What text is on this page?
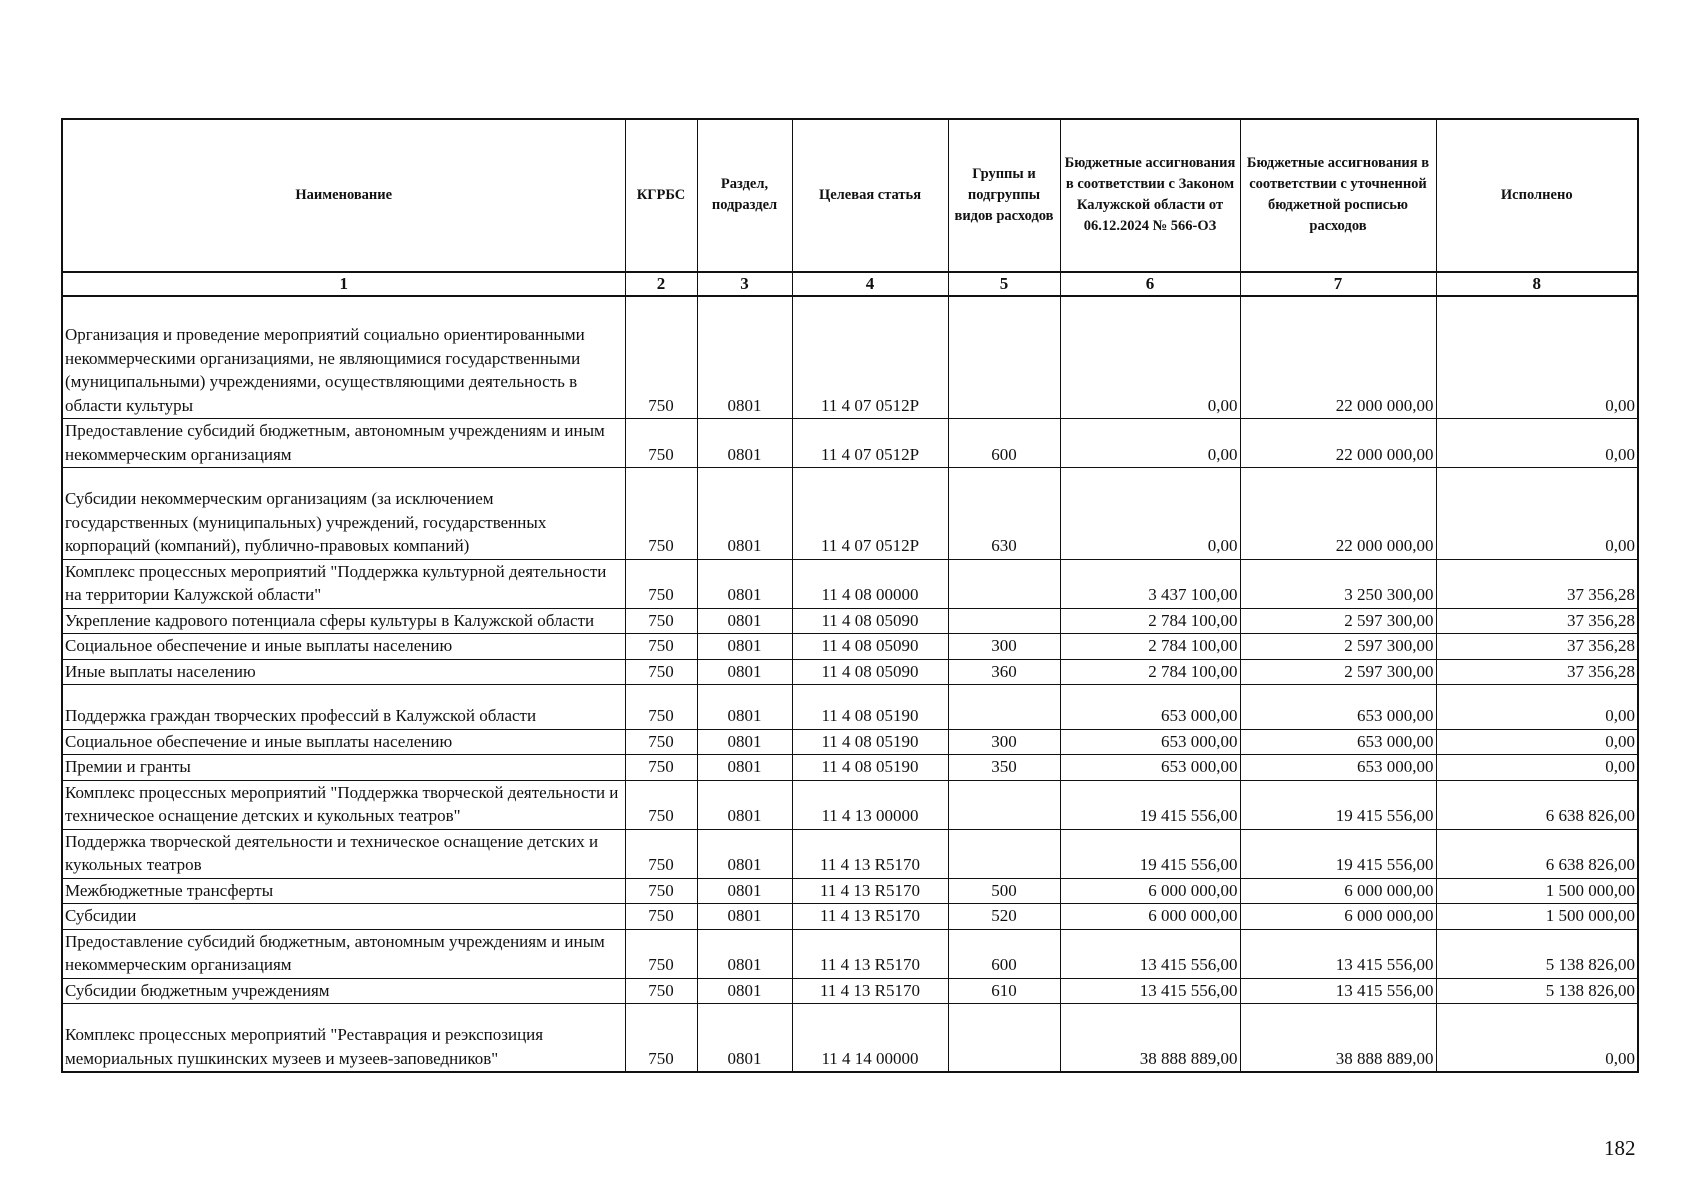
Наименование	КГРБС	Раздел, подраздел	Целевая статья	Группы и подгруппы видов расходов	Бюджетные ассигнования в соответствии с Законом Калужской области от 06.12.2024 № 566-ОЗ	Бюджетные ассигнования в соответствии с уточненной бюджетной росписью расходов	Исполнено
1	2	3	4	5	6	7	8
Организация и проведение мероприятий социально ориентированными некоммерческими организациями, не являющимися государственными (муниципальными) учреждениями, осуществляющими деятельность в области культуры	750	0801	11 4 07 0512P		0,00	22 000 000,00	0,00
Предоставление субсидий бюджетным, автономным учреждениям и иным некоммерческим организациям	750	0801	11 4 07 0512P	600	0,00	22 000 000,00	0,00
Субсидии некоммерческим организациям (за исключением государственных (муниципальных) учреждений, государственных корпораций (компаний), публично-правовых компаний)	750	0801	11 4 07 0512P	630	0,00	22 000 000,00	0,00
Комплекс процессных мероприятий "Поддержка культурной деятельности на территории Калужской области"	750	0801	11 4 08 00000		3 437 100,00	3 250 300,00	37 356,28
Укрепление кадрового потенциала сферы культуры в Калужской области	750	0801	11 4 08 05090		2 784 100,00	2 597 300,00	37 356,28
Социальное обеспечение и иные выплаты населению	750	0801	11 4 08 05090	300	2 784 100,00	2 597 300,00	37 356,28
Иные выплаты населению	750	0801	11 4 08 05090	360	2 784 100,00	2 597 300,00	37 356,28
Поддержка граждан творческих профессий в Калужской области	750	0801	11 4 08 05190		653 000,00	653 000,00	0,00
Социальное обеспечение и иные выплаты населению	750	0801	11 4 08 05190	300	653 000,00	653 000,00	0,00
Премии и гранты	750	0801	11 4 08 05190	350	653 000,00	653 000,00	0,00
Комплекс процессных мероприятий "Поддержка творческой деятельности и техническое оснащение детских и кукольных театров"	750	0801	11 4 13 00000		19 415 556,00	19 415 556,00	6 638 826,00
Поддержка творческой деятельности и техническое оснащение детских и кукольных театров	750	0801	11 4 13 R5170		19 415 556,00	19 415 556,00	6 638 826,00
Межбюджетные трансферты	750	0801	11 4 13 R5170	500	6 000 000,00	6 000 000,00	1 500 000,00
Субсидии	750	0801	11 4 13 R5170	520	6 000 000,00	6 000 000,00	1 500 000,00
Предоставление субсидий бюджетным, автономным учреждениям и иным некоммерческим организациям	750	0801	11 4 13 R5170	600	13 415 556,00	13 415 556,00	5 138 826,00
Субсидии бюджетным учреждениям	750	0801	11 4 13 R5170	610	13 415 556,00	13 415 556,00	5 138 826,00
Комплекс процессных мероприятий "Реставрация и реэкспозиция мемориальных пушкинских музеев и музеев-заповедников"	750	0801	11 4 14 00000		38 888 889,00	38 888 889,00	0,00
182
